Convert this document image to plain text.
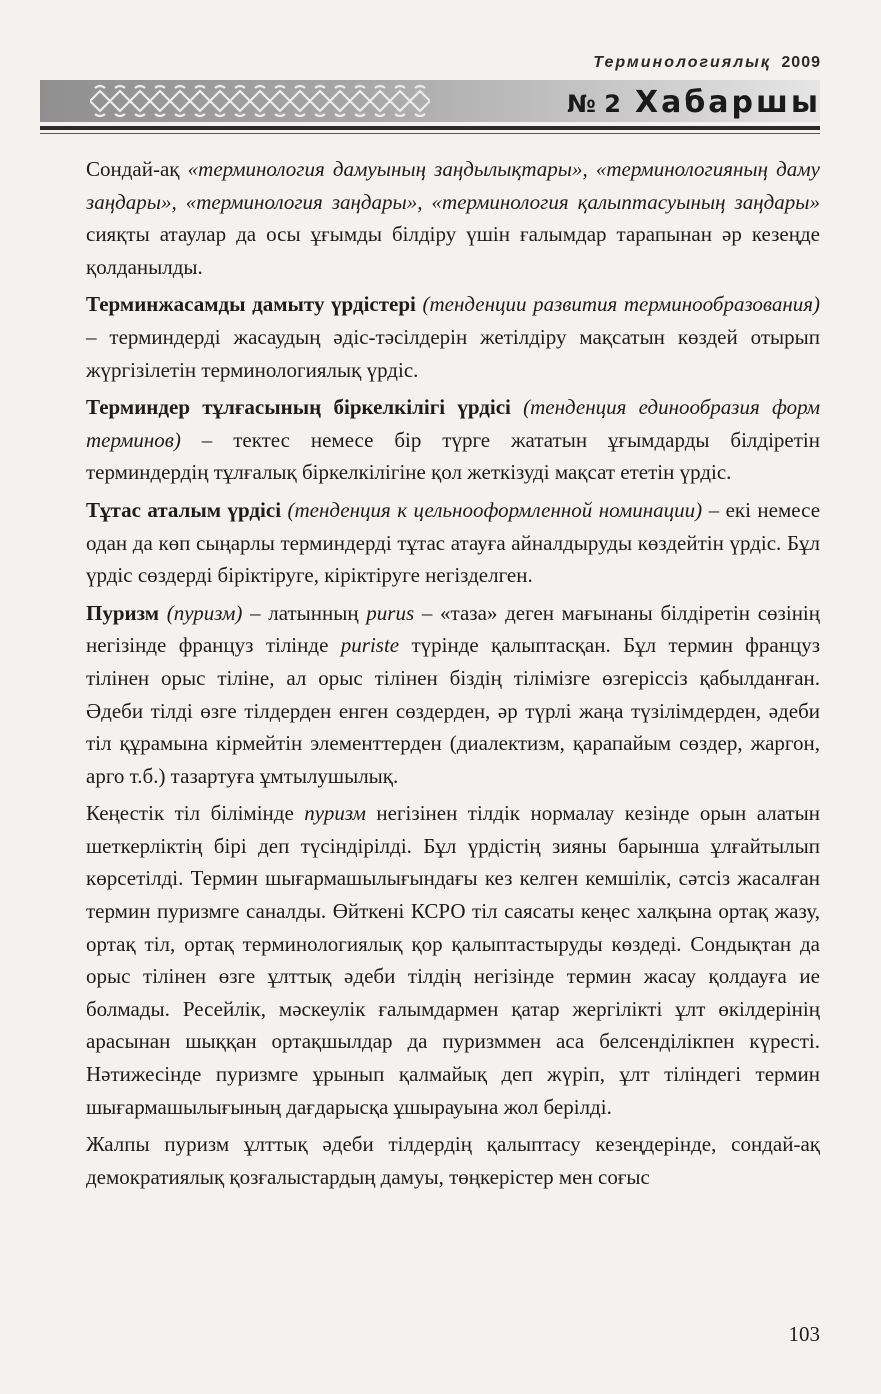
Терминологиялық 2009
№ 2 Хабаршы

Сондай-ақ «терминология дамуының заңдылықтары», «терминологияның даму заңдары», «терминология заңдары», «терминология қалыптасуының заңдары» сияқты атаулар да осы ұғымды білдіру үшін ғалымдар тарапынан әр кезеңде қолданылды.

Терминжасамды дамыту үрдістері (тенденции развития терминообразования) – терминдерді жасаудың әдіс-тәсілдерін жетілдіру мақсатын көздей отырып жүргізілетін терминологиялық үрдіс.

Терминдер тұлғасының біркелкілігі үрдісі (тенденция единообразия форм терминов) – тектес немесе бір түрге жататын ұғымдарды білдіретін терминдердің тұлғалық біркелкілігіне қол жеткізуді мақсат ететін үрдіс.

Тұтас аталым үрдісі (тенденция к цельнооформленной номинации) – екі немесе одан да көп сыңарлы терминдерді тұтас атауға айналдыруды көздейтін үрдіс. Бұл үрдіс сөздерді біріктіруге, кіріктіруге негізделген.

Пуризм (пуризм) – латынның purus – «таза» деген мағынаны білдіретін сөзінің негізінде француз тілінде puriste түрінде қалыптасқан. Бұл термин француз тілінен орыс тіліне, ал орыс тілінен біздің тілімізге өзгеріссіз қабылданған. Әдеби тілді өзге тілдерден енген сөздерден, әр түрлі жаңа түзілімдерден, әдеби тіл құрамына кірмейтін элементтерден (диалектизм, қарапайым сөздер, жаргон, арго т.б.) тазартуға ұмтылушылық.

Кеңестік тіл білімінде пуризм негізінен тілдік нормалау кезінде орын алатын шеткерліктің бірі деп түсіндірілді. Бұл үрдістің зияны барынша ұлғайтылып көрсетілді. Термин шығармашылығындағы кез келген кемшілік, сәтсіз жасалған термин пуризмге саналды. Өйткені КСРО тіл саясаты кеңес халқына ортақ жазу, ортақ тіл, ортақ терминологиялық қор қалыптастыруды көздеді. Сондықтан да орыс тілінен өзге ұлттық әдеби тілдің негізінде термин жасау қолдауға ие болмады. Ресейлік, мәскеулік ғалымдармен қатар жергілікті ұлт өкілдерінің арасынан шыққан ортақшылдар да пуризммен аса белсенділікпен күресті. Нәтижесінде пуризмге ұрынып қалмайық деп жүріп, ұлт тіліндегі термин шығармашылығының дағдарысқа ұшырауына жол берілді.

Жалпы пуризм ұлттық әдеби тілдердің қалыптасу кезеңдерінде, сондай-ақ демократиялық қозғалыстардың дамуы, төңкерістер мен соғыс

103
